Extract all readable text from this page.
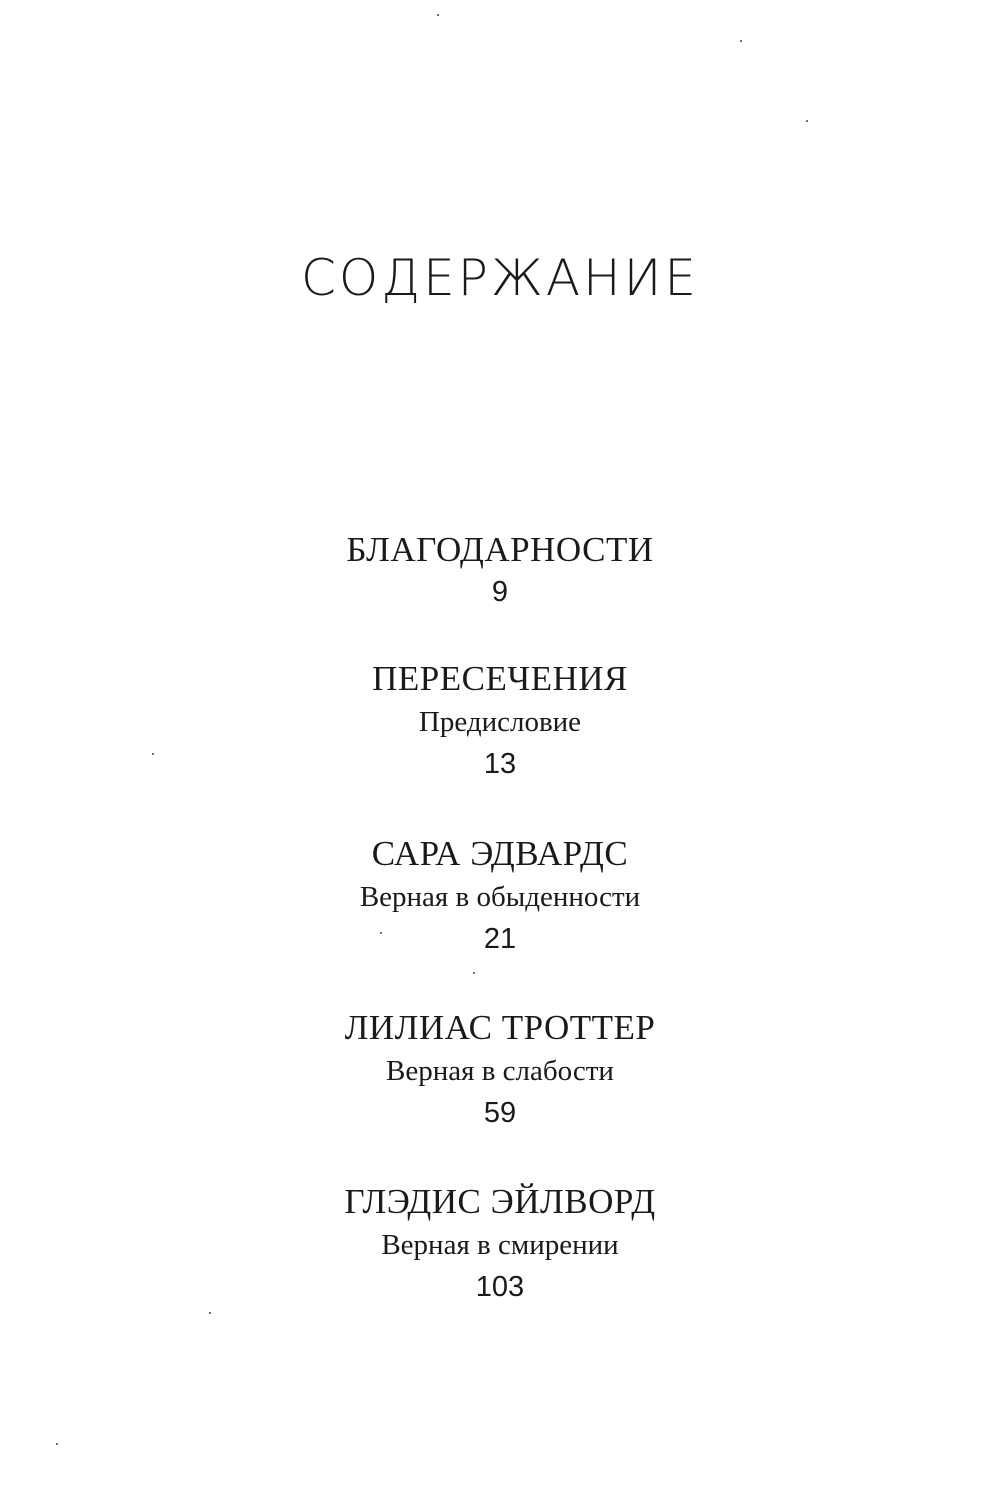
СОДЕРЖАНИЕ
БЛАГОДАРНОСТИ
9
ПЕРЕСЕЧЕНИЯ
Предисловие
13
САРА ЭДВАРДС
Верная в обыденности
21
ЛИЛИАС ТРОТТЕР
Верная в слабости
59
ГЛЭДИС ЭЙЛВОРД
Верная в смирении
103
